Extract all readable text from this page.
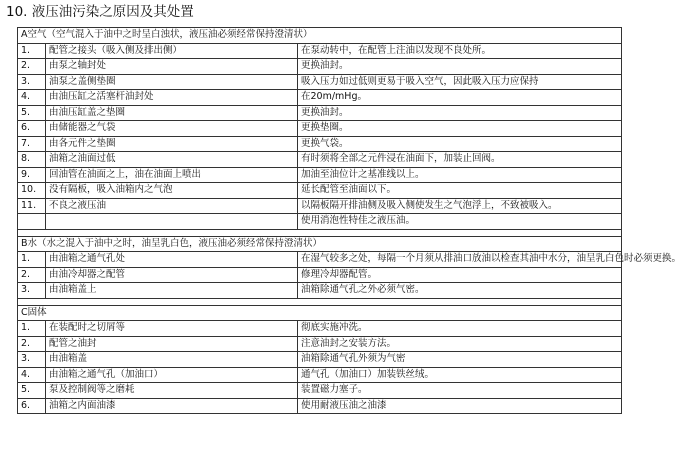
10. 液压油污染之原因及其处置
A空气（空气混入于油中之时呈白浊状，液压油必须经常保持澄清状）		
1.	配管之接头（吸入侧及排出侧）	在泵动转中，在配管上注油以发现不良处所。
2.	由泵之轴封处	更换油封。
3.	油泵之盖侧垫圈	吸入压力如过低则更易于吸入空气，因此吸入压力应保持
4.	由油压缸之活塞杆油封处	在20m/mHg。
5.	由油压缸盖之垫圈	更换油封。
6.	由储能器之气袋	更换垫圈。
7.	由各元件之垫圈	更换气袋。
8.	油箱之油面过低	有时须将全部之元件浸在油面下，加装止回阀。
9.	回油管在油面之上，油在油面上喷出	加油至油位计之基准线以上。
10.	没有隔板，吸入油箱内之气泡	延长配管至油面以下。
11.	不良之液压油	以隔板隔开排油侧及吸入侧使发生之气泡浮上，不致被吸入。
		使用消泡性特佳之液压油。

B水（水之混入于油中之时，油呈乳白色，液压油必须经常保持澄清状）		
1.	由油箱之通气孔处	在湿气较多之处，每隔一个月须从排油口放油以检查其油中水分，油呈乳白色时必须更换。
2.	由油冷却器之配管	修理冷却器配管。
3.	由油箱盖上	油箱除通气孔之外必须气密。

C固体		
1.	在装配时之切屑等	彻底实施冲洗。
2.	配管之油封	注意油封之安装方法。
3.	由油箱盖	油箱除通气孔外须为气密
4.	由油箱之通气孔（加油口）	通气孔（加油口）加装铁丝绒。
5.	泵及控制阀等之磨耗	装置磁力塞子。
6.	油箱之内面油漆	使用耐液压油之油漆
